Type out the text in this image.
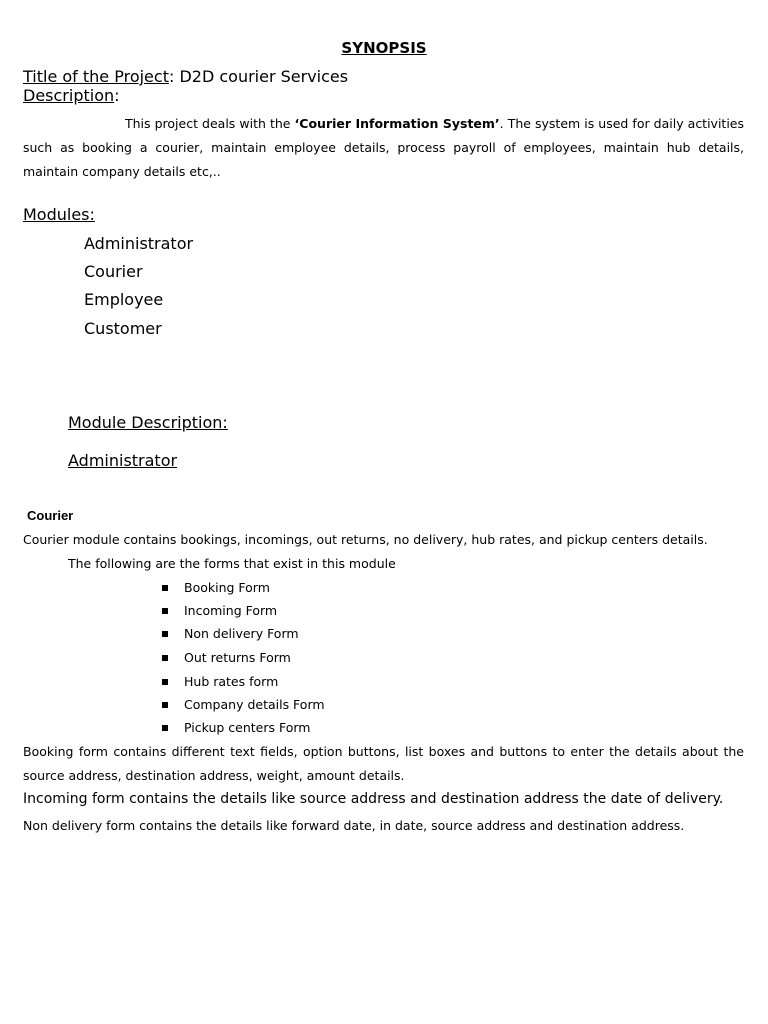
SYNOPSIS
Title of the Project: D2D courier Services
Description:
This project deals with the ‘Courier Information System’. The system is used for daily activities such as booking a courier, maintain employee details, process payroll of employees, maintain hub details, maintain company details etc,..
Modules:
Administrator
Courier
Employee
Customer
Module Description:
Administrator
Courier
Courier module contains bookings, incomings, out returns, no delivery, hub rates, and pickup centers details.
The following are the forms that exist in this module
Booking Form
Incoming Form
Non delivery Form
Out returns Form
Hub rates form
Company details Form
Pickup centers Form
Booking form contains different text fields, option buttons, list boxes and buttons to enter the details about the source address, destination address, weight, amount details.
Incoming form contains the details like source address and destination address the date of delivery.
Non delivery form contains the details like forward date, in date, source address and destination address.
